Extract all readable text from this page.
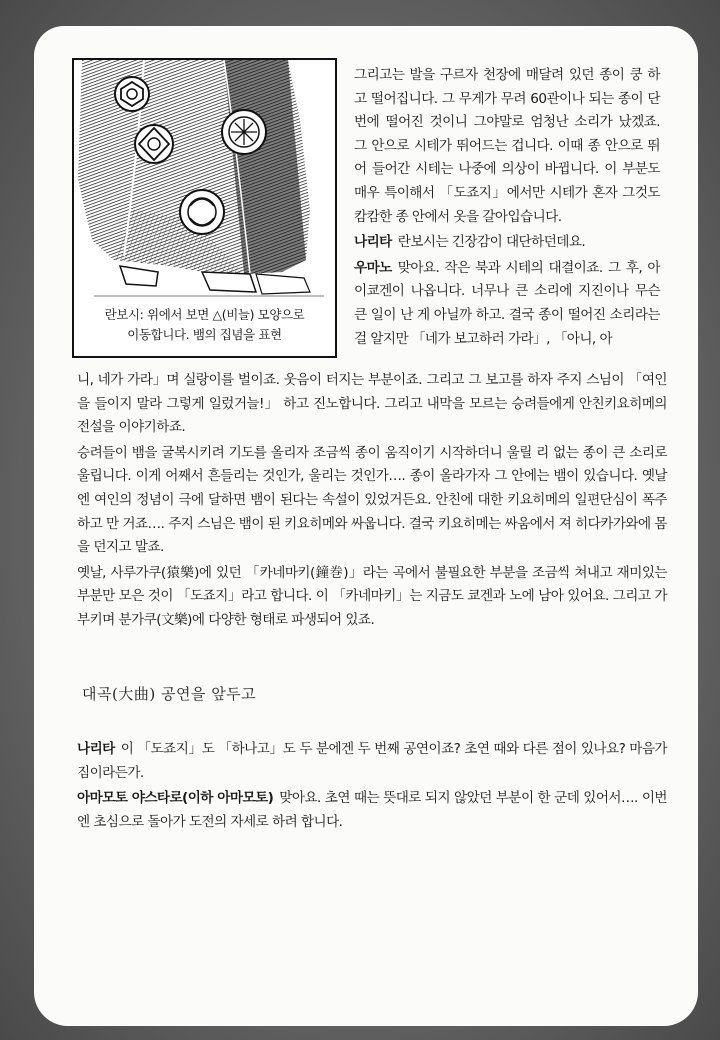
란보시: 위에서 보면 △(비늘) 모양으로
이동합니다. 뱀의 집념을 표현

그리고는 발을 구르자 천장에 매달려 있던 종이 쿵 하고 떨어집니다. 그 무게가 무려 60관이나 되는 종이 단번에 떨어진 것이니 그야말로 엄청난 소리가 났겠죠. 그 안으로 시테가 뛰어드는 겁니다. 이때 종 안으로 뛰어 들어간 시테는 나중에 의상이 바뀝니다. 이 부분도 매우 특이해서 「도죠지」에서만 시테가 혼자 그것도 캄캄한 종 안에서 옷을 갈아입습니다.

나리타 란보시는 긴장감이 대단하던데요.

우마노 맞아요. 작은 북과 시테의 대결이죠. 그 후, 아이쿄겐이 나옵니다. 너무나 큰 소리에 지진이나 무슨 큰 일이 난 게 아닐까 하고. 결국 종이 떨어진 소리라는 걸 알지만 「네가 보고하러 가라」, 「아니, 아

니, 네가 가라」며 실랑이를 벌이죠. 웃음이 터지는 부분이죠. 그리고 그 보고를 하자 주지 스님이 「여인을 들이지 말라 그렇게 일렀거늘!」 하고 진노합니다. 그리고 내막을 모르는 승려들에게 안친키요히메의 전설을 이야기하죠.

승려들이 뱀을 굴복시키려 기도를 올리자 조금씩 종이 움직이기 시작하더니 울릴 리 없는 종이 큰 소리로 울립니다. 이게 어째서 흔들리는 것인가, 울리는 것인가…. 종이 올라가자 그 안에는 뱀이 있습니다. 옛날엔 여인의 정념이 극에 달하면 뱀이 된다는 속설이 있었거든요. 안친에 대한 키요히메의 일편단심이 폭주하고 만 거죠…. 주지 스님은 뱀이 된 키요히메와 싸웁니다. 결국 키요히메는 싸움에서 져 히다카가와에 몸을 던지고 말죠.

옛날, 사루가쿠(猿樂)에 있던 「카네마키(鐘巻)」라는 곡에서 불필요한 부분을 조금씩 쳐내고 재미있는 부분만 모은 것이 「도죠지」라고 합니다. 이 「카네마키」는 지금도 쿄겐과 노에 남아 있어요. 그리고 가부키며 분가쿠(文樂)에 다양한 형태로 파생되어 있죠.

대곡(大曲) 공연을 앞두고

나리타 이 「도죠지」도 「하나고」도 두 분에겐 두 번째 공연이죠? 초연 때와 다른 점이 있나요? 마음가짐이라든가.

아마모토 야스타로(이하 아마모토) 맞아요. 초연 때는 뜻대로 되지 않았던 부분이 한 군데 있어서…. 이번엔 초심으로 돌아가 도전의 자세로 하려 합니다.
